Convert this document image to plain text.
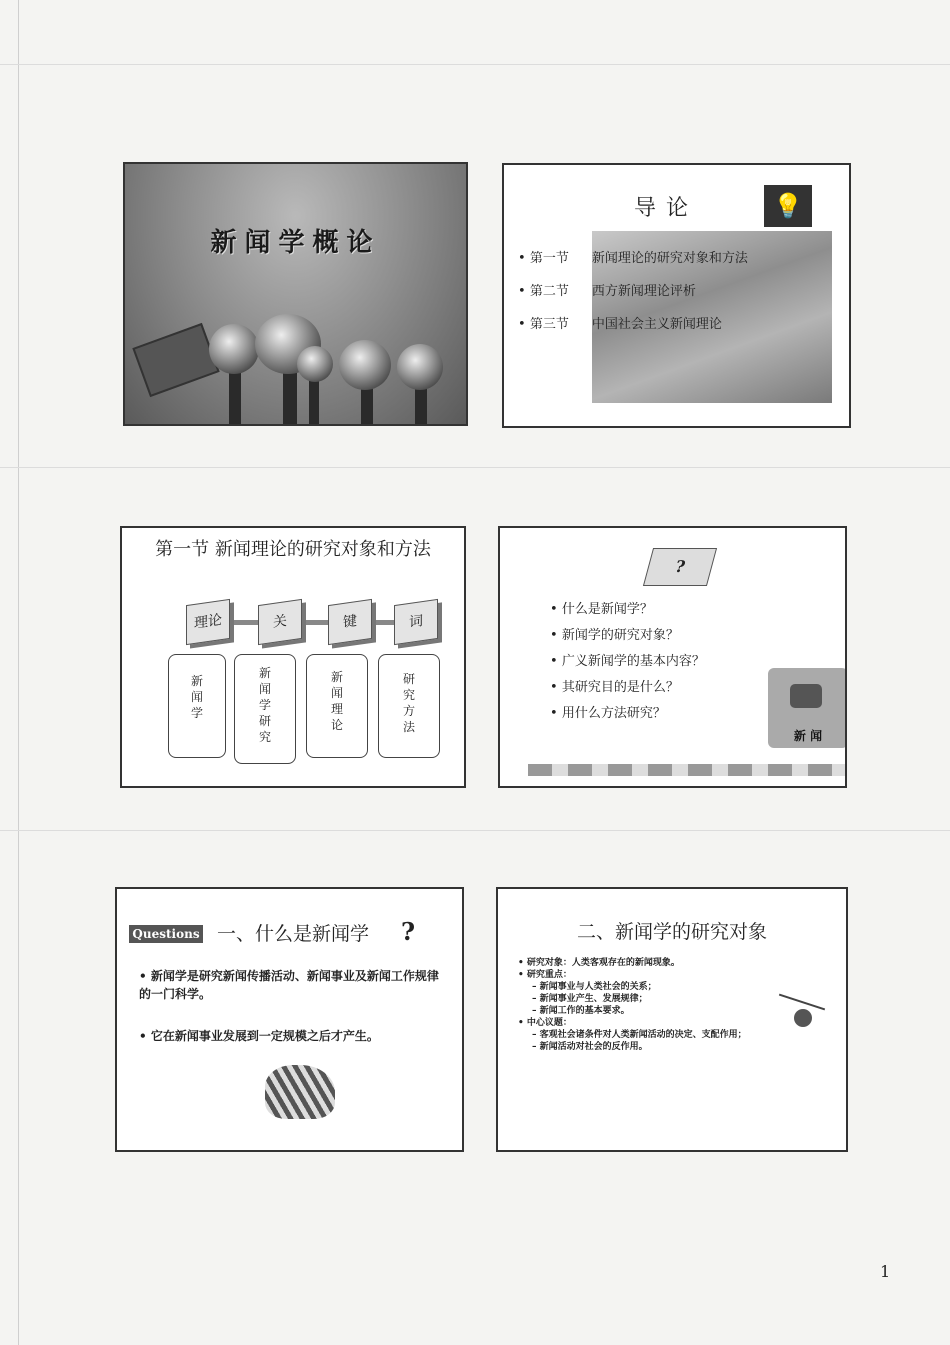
新闻学概论
导论	💡
• 第一节 新闻理论的研究对象和方法
• 第二节 西方新闻理论评析
• 第三节 中国社会主义新闻理论
第一节 新闻理论的研究对象和方法
理论	关	键	词
新闻学
新闻学研究
新闻理论
研究方法
?
• 什么是新闻学？
• 新闻学的研究对象？
• 广义新闻学的基本内容？
• 其研究目的是什么？
• 用什么方法研究？
新 闻
Questions 一、什么是新闻学 ?
• 新闻学是研究新闻传播活动、新闻事业及新闻工作规律的一门科学。
• 它在新闻事业发展到一定规模之后才产生。
二、新闻学的研究对象
• 研究对象：人类客观存在的新闻现象。
• 研究重点：
– 新闻事业与人类社会的关系；
– 新闻事业产生、发展规律；
– 新闻工作的基本要求。
• 中心议题：
– 客观社会诸条件对人类新闻活动的决定、支配作用；
– 新闻活动对社会的反作用。
1
